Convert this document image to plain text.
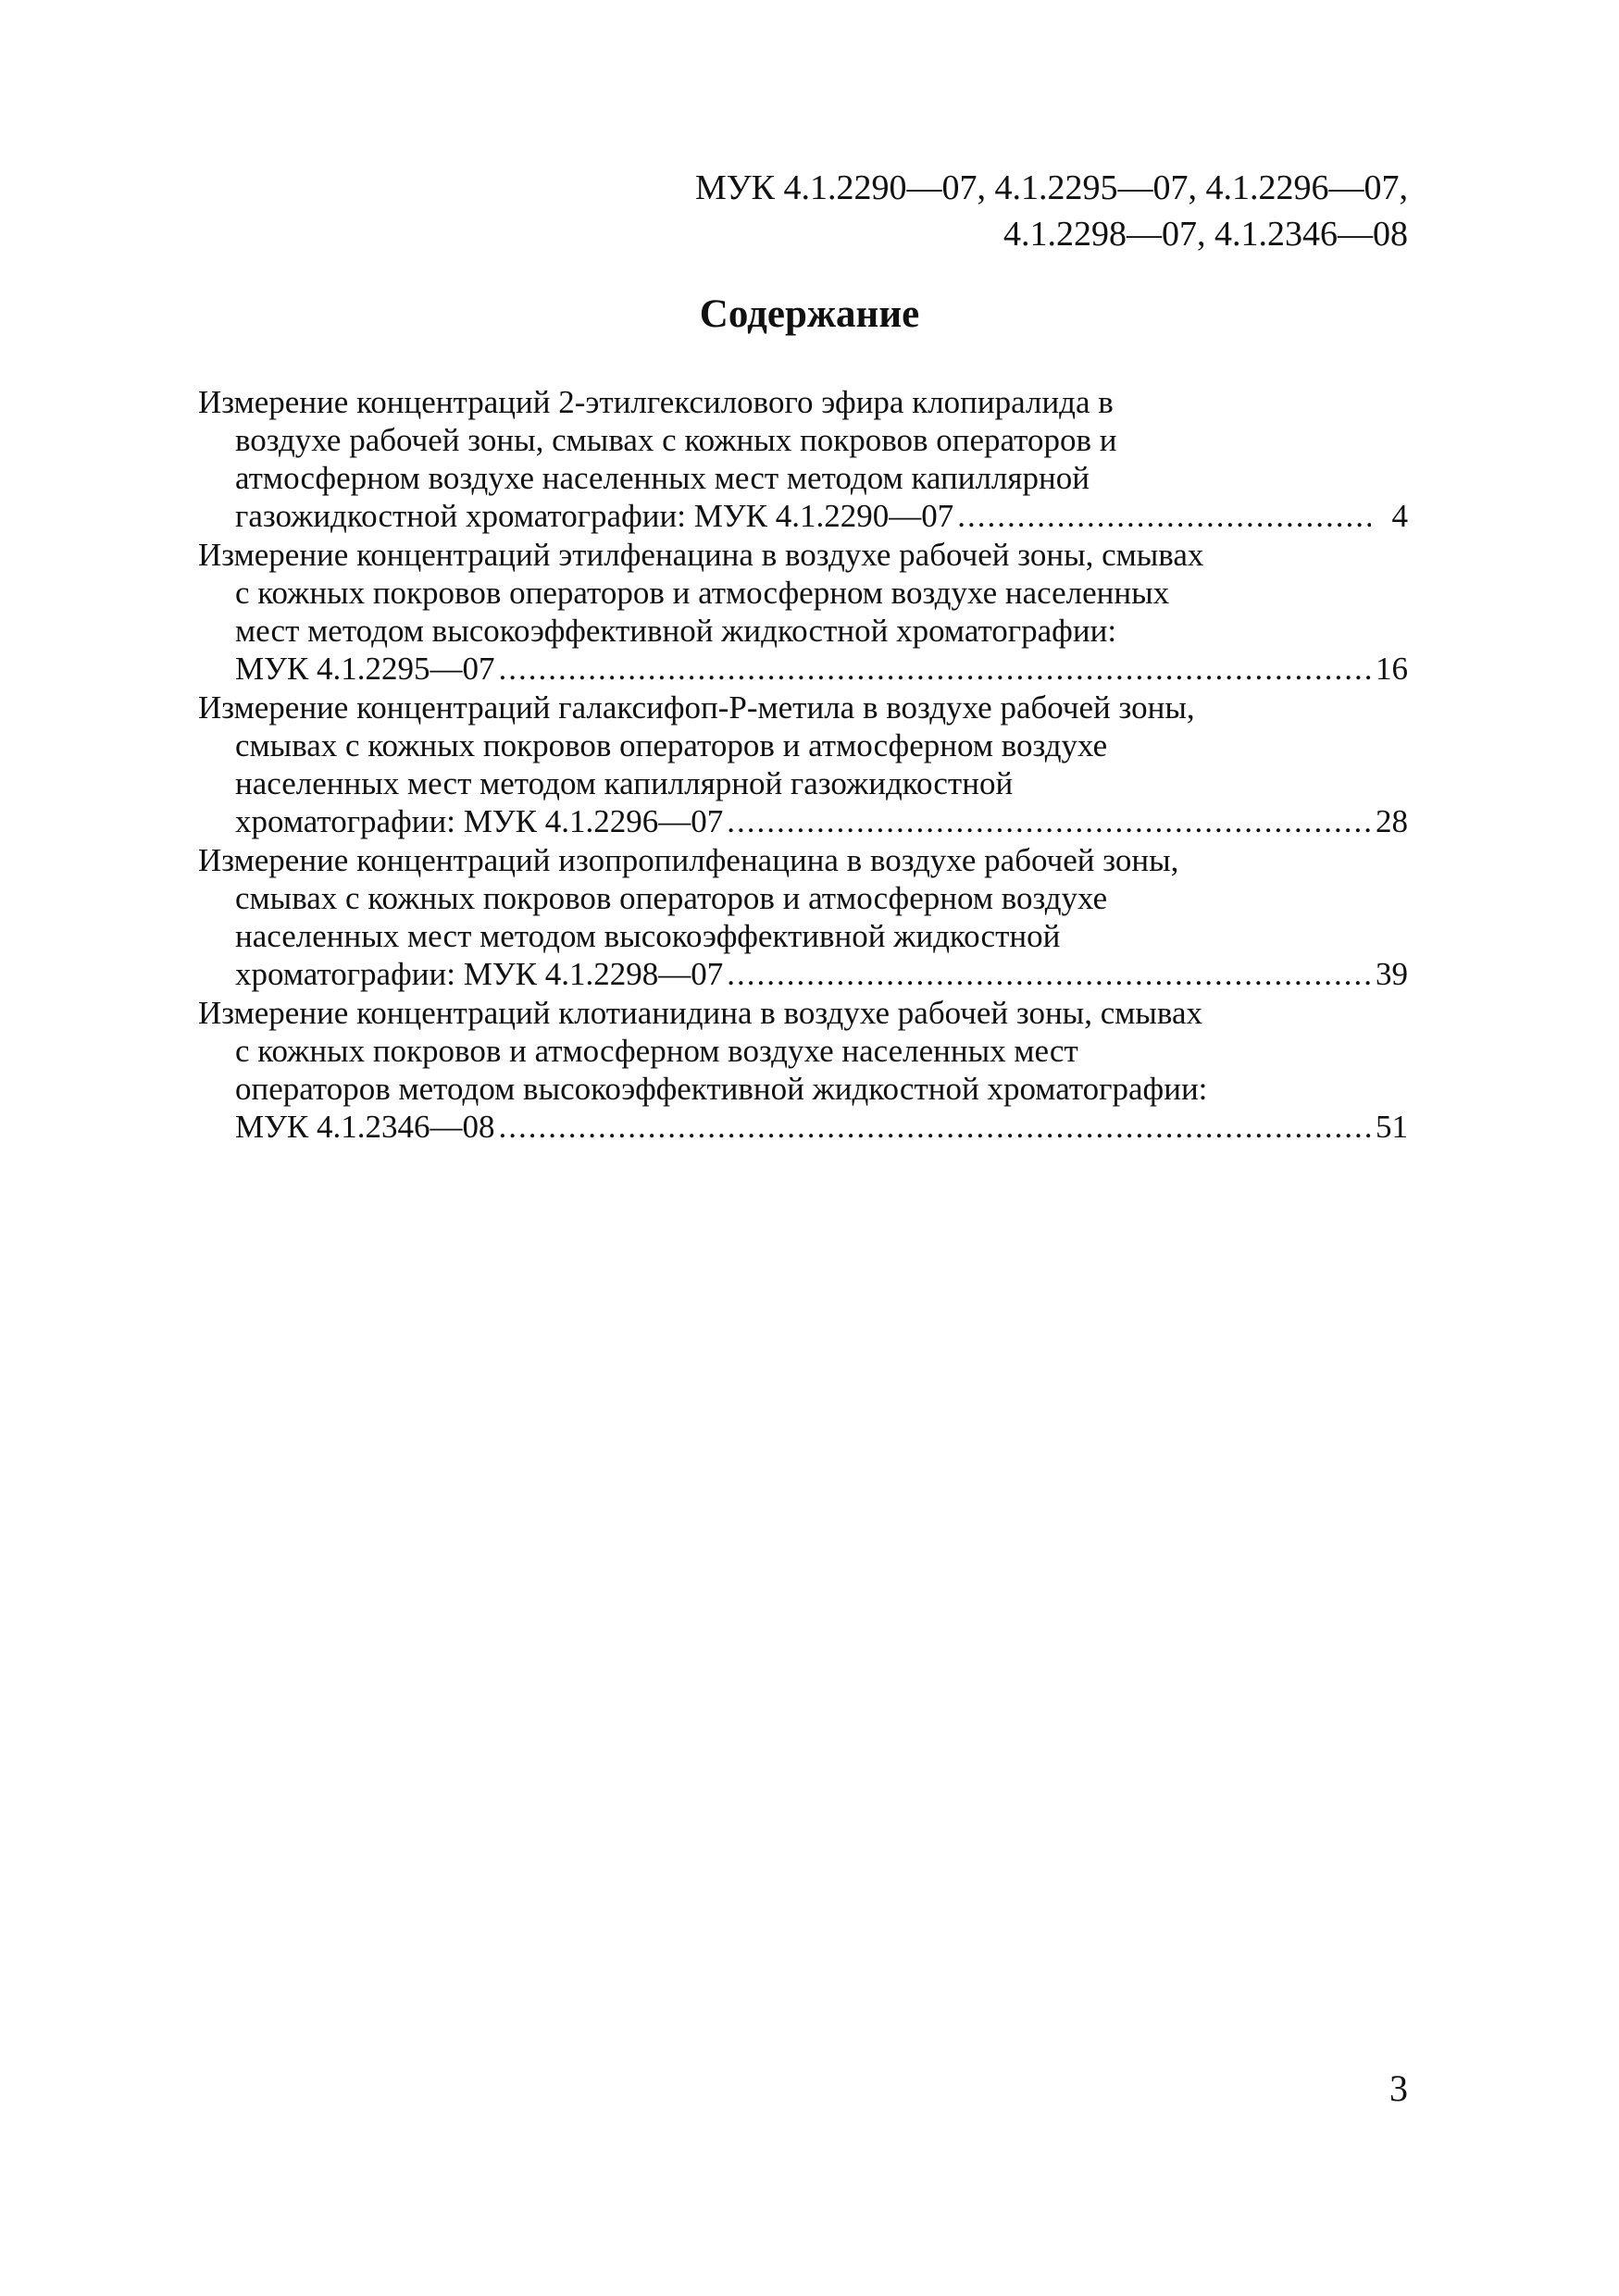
МУК 4.1.2290—07, 4.1.2295—07, 4.1.2296—07,
4.1.2298—07, 4.1.2346—08
Содержание
Измерение концентраций 2-этилгексилового эфира клопиралида в
воздухе рабочей зоны, смывах с кожных покровов операторов и
атмосферном воздухе населенных мест методом капиллярной
газожидкостной хроматографии: МУК 4.1.2290—07 .....	4
Измерение концентраций этилфенацина в воздухе рабочей зоны, смывах
с кожных покровов операторов и атмосферном воздухе населенных
мест методом высокоэффективной жидкостной хроматографии:
МУК 4.1.2295—07 .....	16
Измерение концентраций галаксифоп-Р-метила в воздухе рабочей зоны,
смывах с кожных покровов операторов и атмосферном воздухе
населенных мест методом капиллярной газожидкостной
хроматографии: МУК 4.1.2296—07 .....	28
Измерение концентраций изопропилфенацина в воздухе рабочей зоны,
смывах с кожных покровов операторов и атмосферном воздухе
населенных мест методом высокоэффективной жидкостной
хроматографии: МУК 4.1.2298—07 .....	39
Измерение концентраций клотианидина в воздухе рабочей зоны, смывах
с кожных покровов и атмосферном воздухе населенных мест
операторов методом высокоэффективной жидкостной хроматографии:
МУК 4.1.2346—08 .....	51
3
